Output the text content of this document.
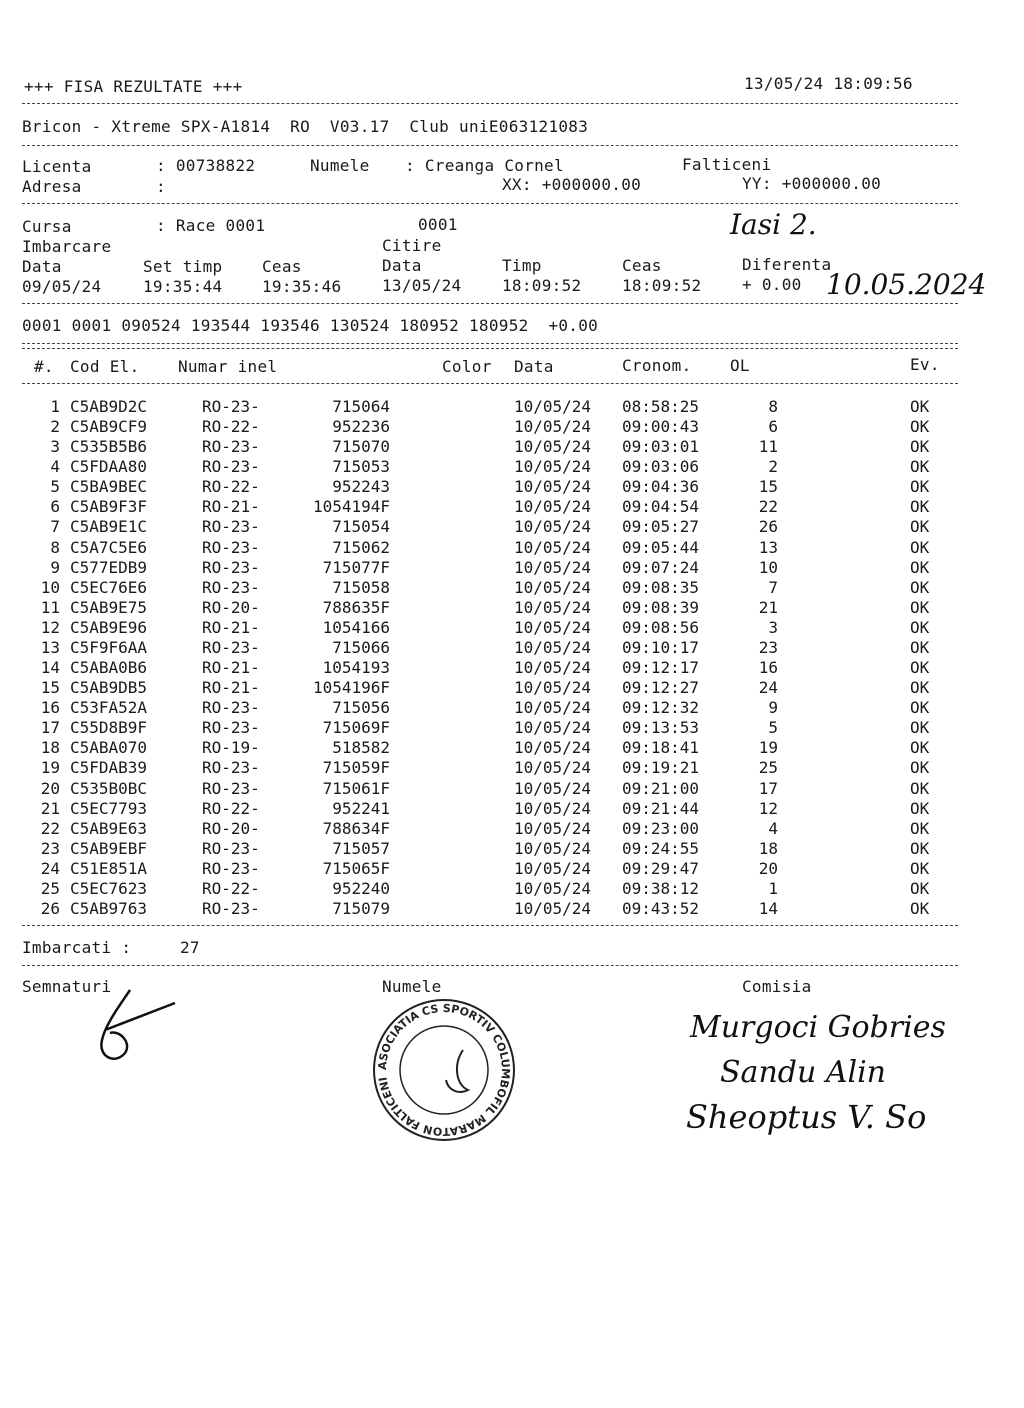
+++ FISA REZULTATE +++	13/05/24 18:09:56
Bricon - Xtreme SPX-A1814  RO  V03.17  Club uniE063121083
Licenta	: 00738822	Numele : Creanga Cornel	Falticeni
Adresa	:	XX: +000000.00	YY: +000000.00
Cursa	: Race 0001	0001	Iasi 2.
Imbarcare	Citire
Data	Set timp Ceas	Data	Timp	Ceas	Diferenta
09/05/24	19:35:44 19:35:46	13/05/24	18:09:52	18:09:52	+ 0.00 10.05.2024
0001 0001 090524 193544 193546 130524 180952 180952  +0.00
#. Cod El. Numar inel	Color Data	Cronom. OL	Ev.
1 C5AB9D2C	RO-23-	715064	10/05/24 08:58:25	8	OK
2 C5AB9CF9	RO-22-	952236	10/05/24 09:00:43	6	OK
3 C535B5B6	RO-23-	715070	10/05/24 09:03:01	11	OK
4 C5FDAA80	RO-23-	715053	10/05/24 09:03:06	2	OK
5 C5BA9BEC	RO-22-	952243	10/05/24 09:04:36	15	OK
6 C5AB9F3F	RO-21-	1054194F	10/05/24 09:04:54	22	OK
7 C5AB9E1C	RO-23-	715054	10/05/24 09:05:27	26	OK
8 C5A7C5E6	RO-23-	715062	10/05/24 09:05:44	13	OK
9 C577EDB9	RO-23-	715077F	10/05/24 09:07:24	10	OK
10 C5EC76E6	RO-23-	715058	10/05/24 09:08:35	7	OK
11 C5AB9E75	RO-20-	788635F	10/05/24 09:08:39	21	OK
12 C5AB9E96	RO-21-	1054166	10/05/24 09:08:56	3	OK
13 C5F9F6AA	RO-23-	715066	10/05/24 09:10:17	23	OK
14 C5ABA0B6	RO-21-	1054193	10/05/24 09:12:17	16	OK
15 C5AB9DB5	RO-21-	1054196F	10/05/24 09:12:27	24	OK
16 C53FA52A	RO-23-	715056	10/05/24 09:12:32	9	OK
17 C55D8B9F	RO-23-	715069F	10/05/24 09:13:53	5	OK
18 C5ABA070	RO-19-	518582	10/05/24 09:18:41	19	OK
19 C5FDAB39	RO-23-	715059F	10/05/24 09:19:21	25	OK
20 C535B0BC	RO-23-	715061F	10/05/24 09:21:00	17	OK
21 C5EC7793	RO-22-	952241	10/05/24 09:21:44	12	OK
22 C5AB9E63	RO-20-	788634F	10/05/24 09:23:00	4	OK
23 C5AB9EBF	RO-23-	715057	10/05/24 09:24:55	18	OK
24 C51E851A	RO-23-	715065F	10/05/24 09:29:47	20	OK
25 C5EC7623	RO-22-	952240	10/05/24 09:38:12	1	OK
26 C5AB9763	RO-23-	715079	10/05/24 09:43:52	14	OK
Imbarcati :	27
Semnaturi	Numele	Comisia
ASOCIATIA CS SPORTIV COLUMBOFIL MARATON FALTICENI
Murgoci Gobries
Sandu Alin
Sheoptus V. So
